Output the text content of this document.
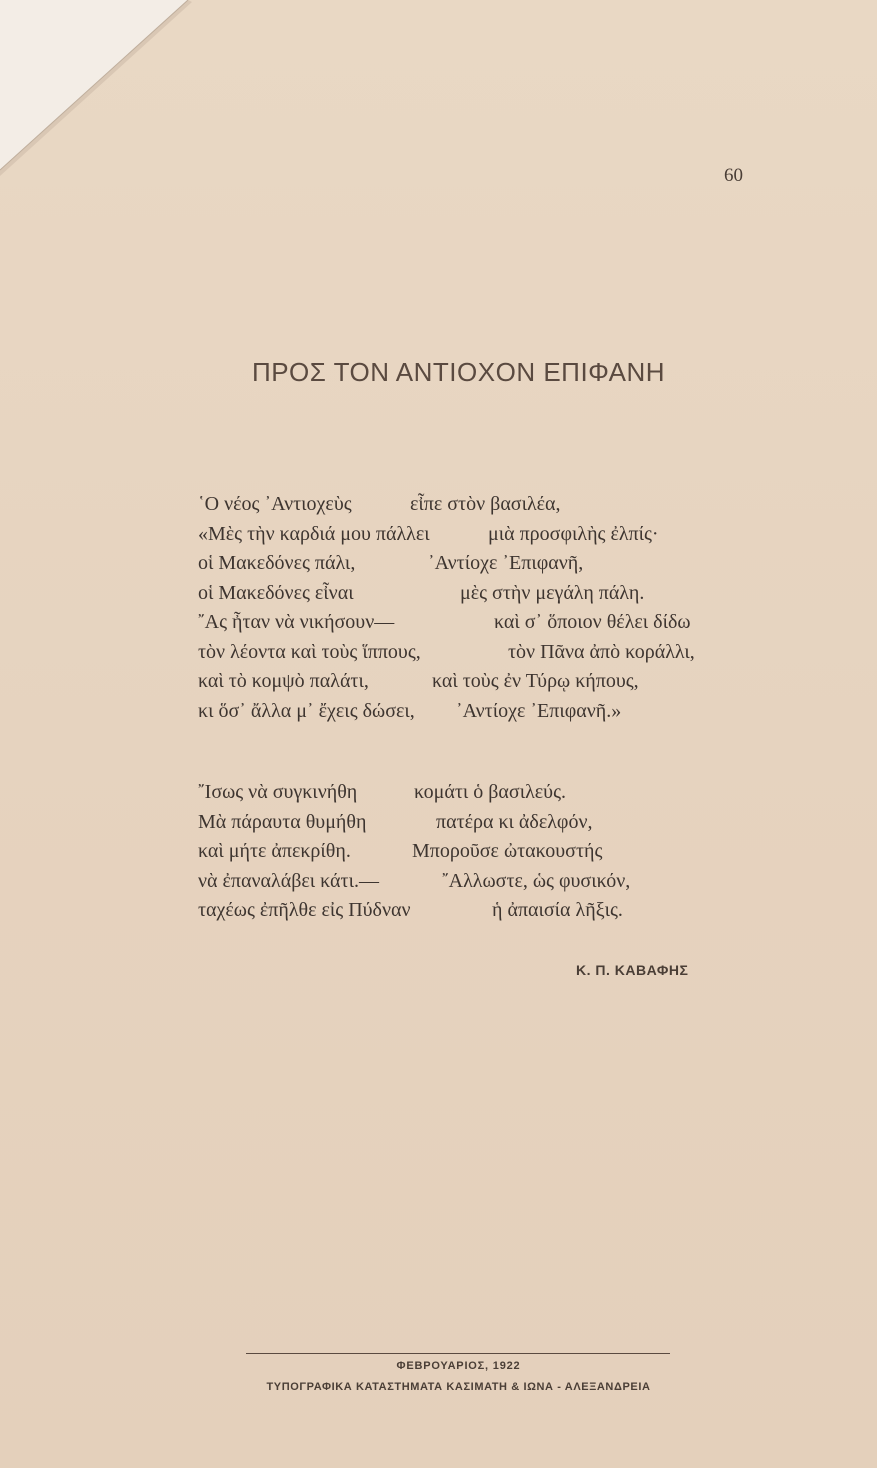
60
ΠΡΟΣ ΤΟΝ ΑΝΤΙΟΧΟΝ ΕΠΙΦΑΝΗ
῾Ο νέος ᾿Αντιοχεὺς	εἶπε στὸν βασιλέα,
«Μὲς τὴν καρδιά μου πάλλει	μιὰ προσφιλὴς ἐλπίς·
οἱ Μακεδόνες πάλι,	᾿Αντίοχε ᾿Επιφανῆ,
οἱ Μακεδόνες εἶναι	μὲς στὴν μεγάλη πάλη.
῎Ας ἦταν νὰ νικήσουν—	καὶ σ᾿ ὅποιον θέλει δίδω
τὸν λέοντα καὶ τοὺς ἵππους,	τὸν Πᾶνα ἀπὸ κοράλλι,
καὶ τὸ κομψὸ παλάτι,	καὶ τοὺς ἐν Τύρῳ κήπους,
κι ὅσ᾿ ἄλλα μ᾿ ἔχεις δώσει, ᾿Αντίοχε ᾿Επιφανῆ.»
῎Ισως νὰ συγκινήθη	κομάτι ὁ βασιλεύς.
Μὰ πάραυτα θυμήθη	πατέρα κι ἀδελφόν,
καὶ μήτε ἀπεκρίθη.	Μποροῦσε ὠτακουστής
νὰ ἐπαναλάβει κάτι.—	῎Αλλωστε, ὡς φυσικόν,
ταχέως ἐπῆλθε εἰς Πύδναν	ἡ ἀπαισία λῆξις.
Κ. Π. ΚΑΒΑΦΗΣ
ΦΕΒΡΟΥΑΡΙΟΣ, 1922
ΤΥΠΟΓΡΑΦΙΚΑ ΚΑΤΑΣΤΗΜΑΤΑ ΚΑΣΙΜΑΤΗ & ΙΩΝΑ - ΑΛΕΞΑΝΔΡΕΙΑ
